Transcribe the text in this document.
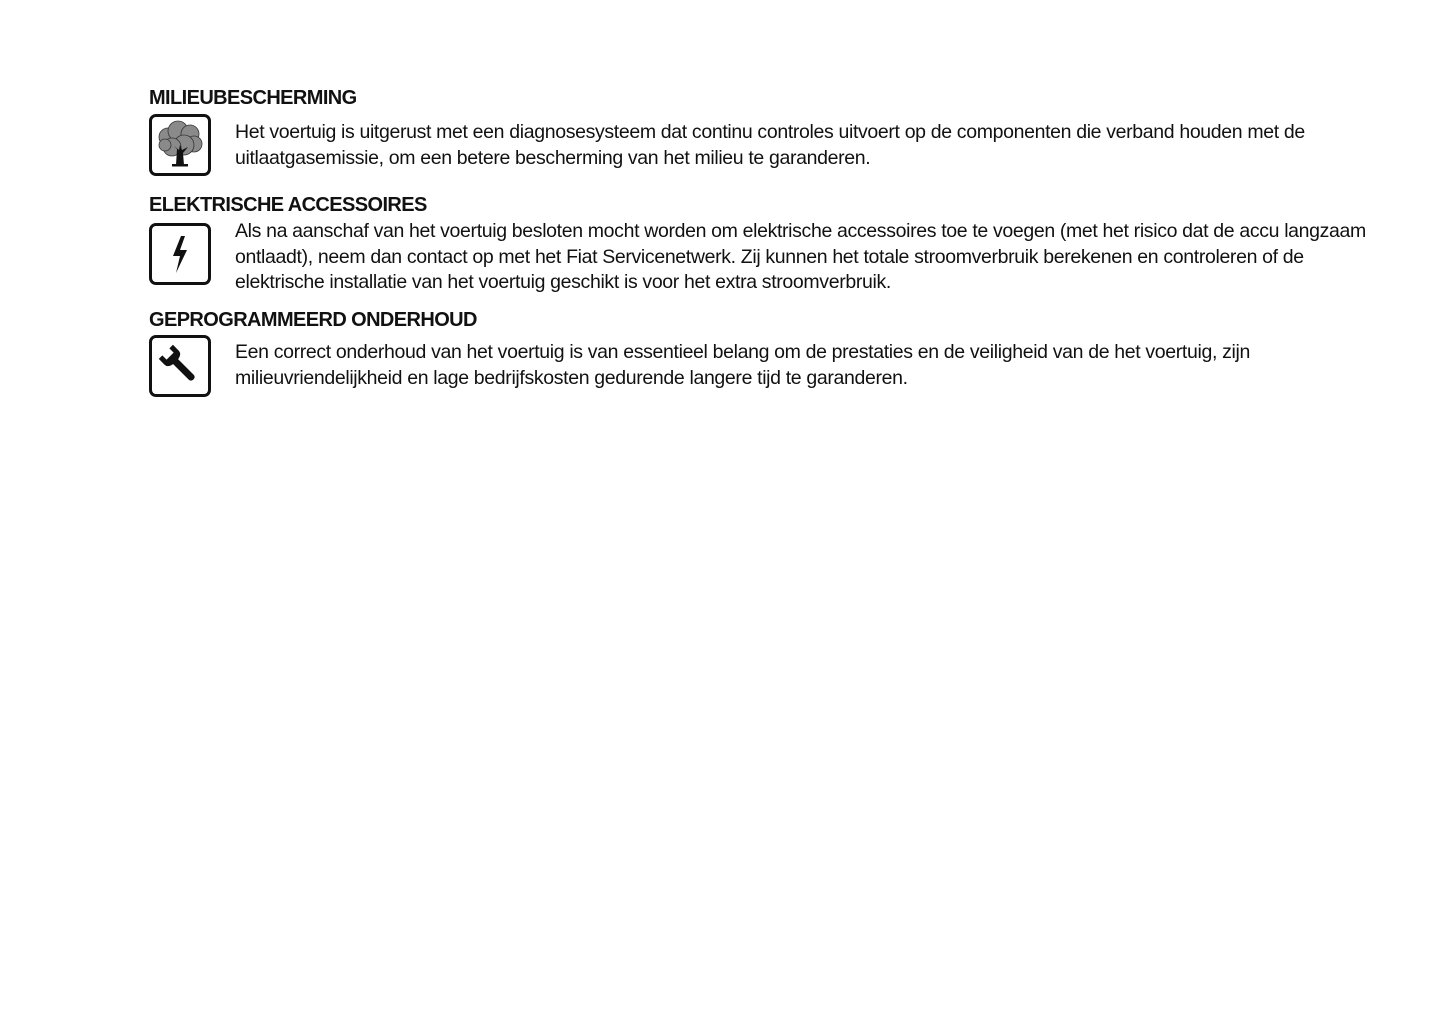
MILIEUBESCHERMING

Het voertuig is uitgerust met een diagnosesysteem dat continu controles uitvoert op de componenten die verband houden met de uitlaatgasemissie, om een betere bescherming van het milieu te garanderen.

ELEKTRISCHE ACCESSOIRES

Als na aanschaf van het voertuig besloten mocht worden om elektrische accessoires toe te voegen (met het risico dat de accu langzaam ontlaadt), neem dan contact op met het Fiat Servicenetwerk. Zij kunnen het totale stroomverbruik berekenen en controleren of de elektrische installatie van het voertuig geschikt is voor het extra stroomverbruik.

GEPROGRAMMEERD ONDERHOUD

Een correct onderhoud van het voertuig is van essentieel belang om de prestaties en de veiligheid van de het voertuig, zijn milieuvriendelijkheid en lage bedrijfskosten gedurende langere tijd te garanderen.
